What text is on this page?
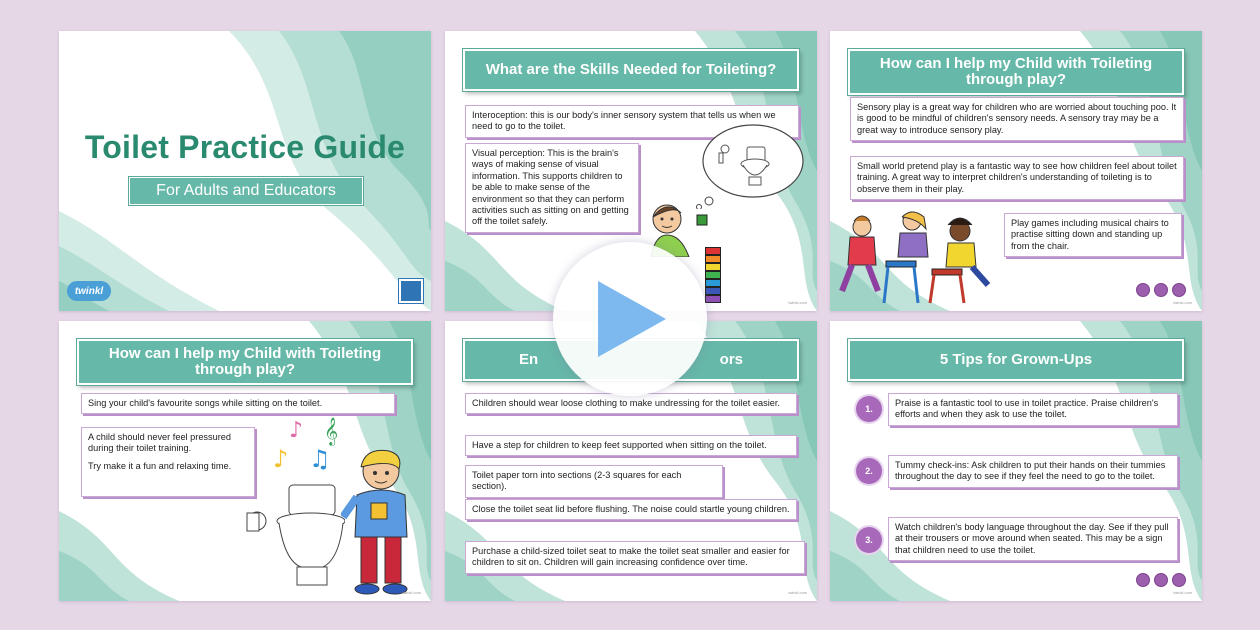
Toilet Practice Guide
For Adults and Educators
twinkl
What are the Skills Needed for Toileting?
Interoception: this is our body's inner sensory system that tells us when we need to go to the toilet.
Visual perception: This is the brain's ways of making sense of visual information. This supports children to be able to make sense of the environment so that they can perform activities such as sitting on and getting off the toilet safely.
twinkl.com
How can I help my Child with Toileting through play?
Sensory play is a great way for children who are worried about touching poo. It is good to be mindful of children's sensory needs. A sensory tray may be a great way to introduce sensory play.
Small world pretend play is a fantastic way to see how children feel about toilet training. A great way to interpret children's understanding of toileting is to observe them in their play.
Play games including musical chairs to practise sitting down and standing up from the chair.
twinkl.com
How can I help my Child with Toileting through play?
Sing your child's favourite songs while sitting on the toilet.
A child should never feel pressured during their toilet training.
Try make it a fun and relaxing time.
♪ 𝄞
♪ ♫
twinkl.com
En	ors
Children should wear loose clothing to make undressing for the toilet easier.
Have a step for children to keep feet supported when sitting on the toilet.
Toilet paper torn into sections (2-3 squares for each section).
Close the toilet seat lid before flushing. The noise could startle young children.
Purchase a child-sized toilet seat to make the toilet seat smaller and easier for children to sit on. Children will gain increasing confidence over time.
twinkl.com
5 Tips for Grown-Ups
1.
Praise is a fantastic tool to use in toilet practice. Praise children's efforts and when they ask to use the toilet.
2.
Tummy check-ins: Ask children to put their hands on their tummies throughout the day to see if they feel the need to go to the toilet.
3.
Watch children's body language throughout the day. See if they pull at their trousers or move around when seated. This may be a sign that children need to use the toilet.
twinkl.com
